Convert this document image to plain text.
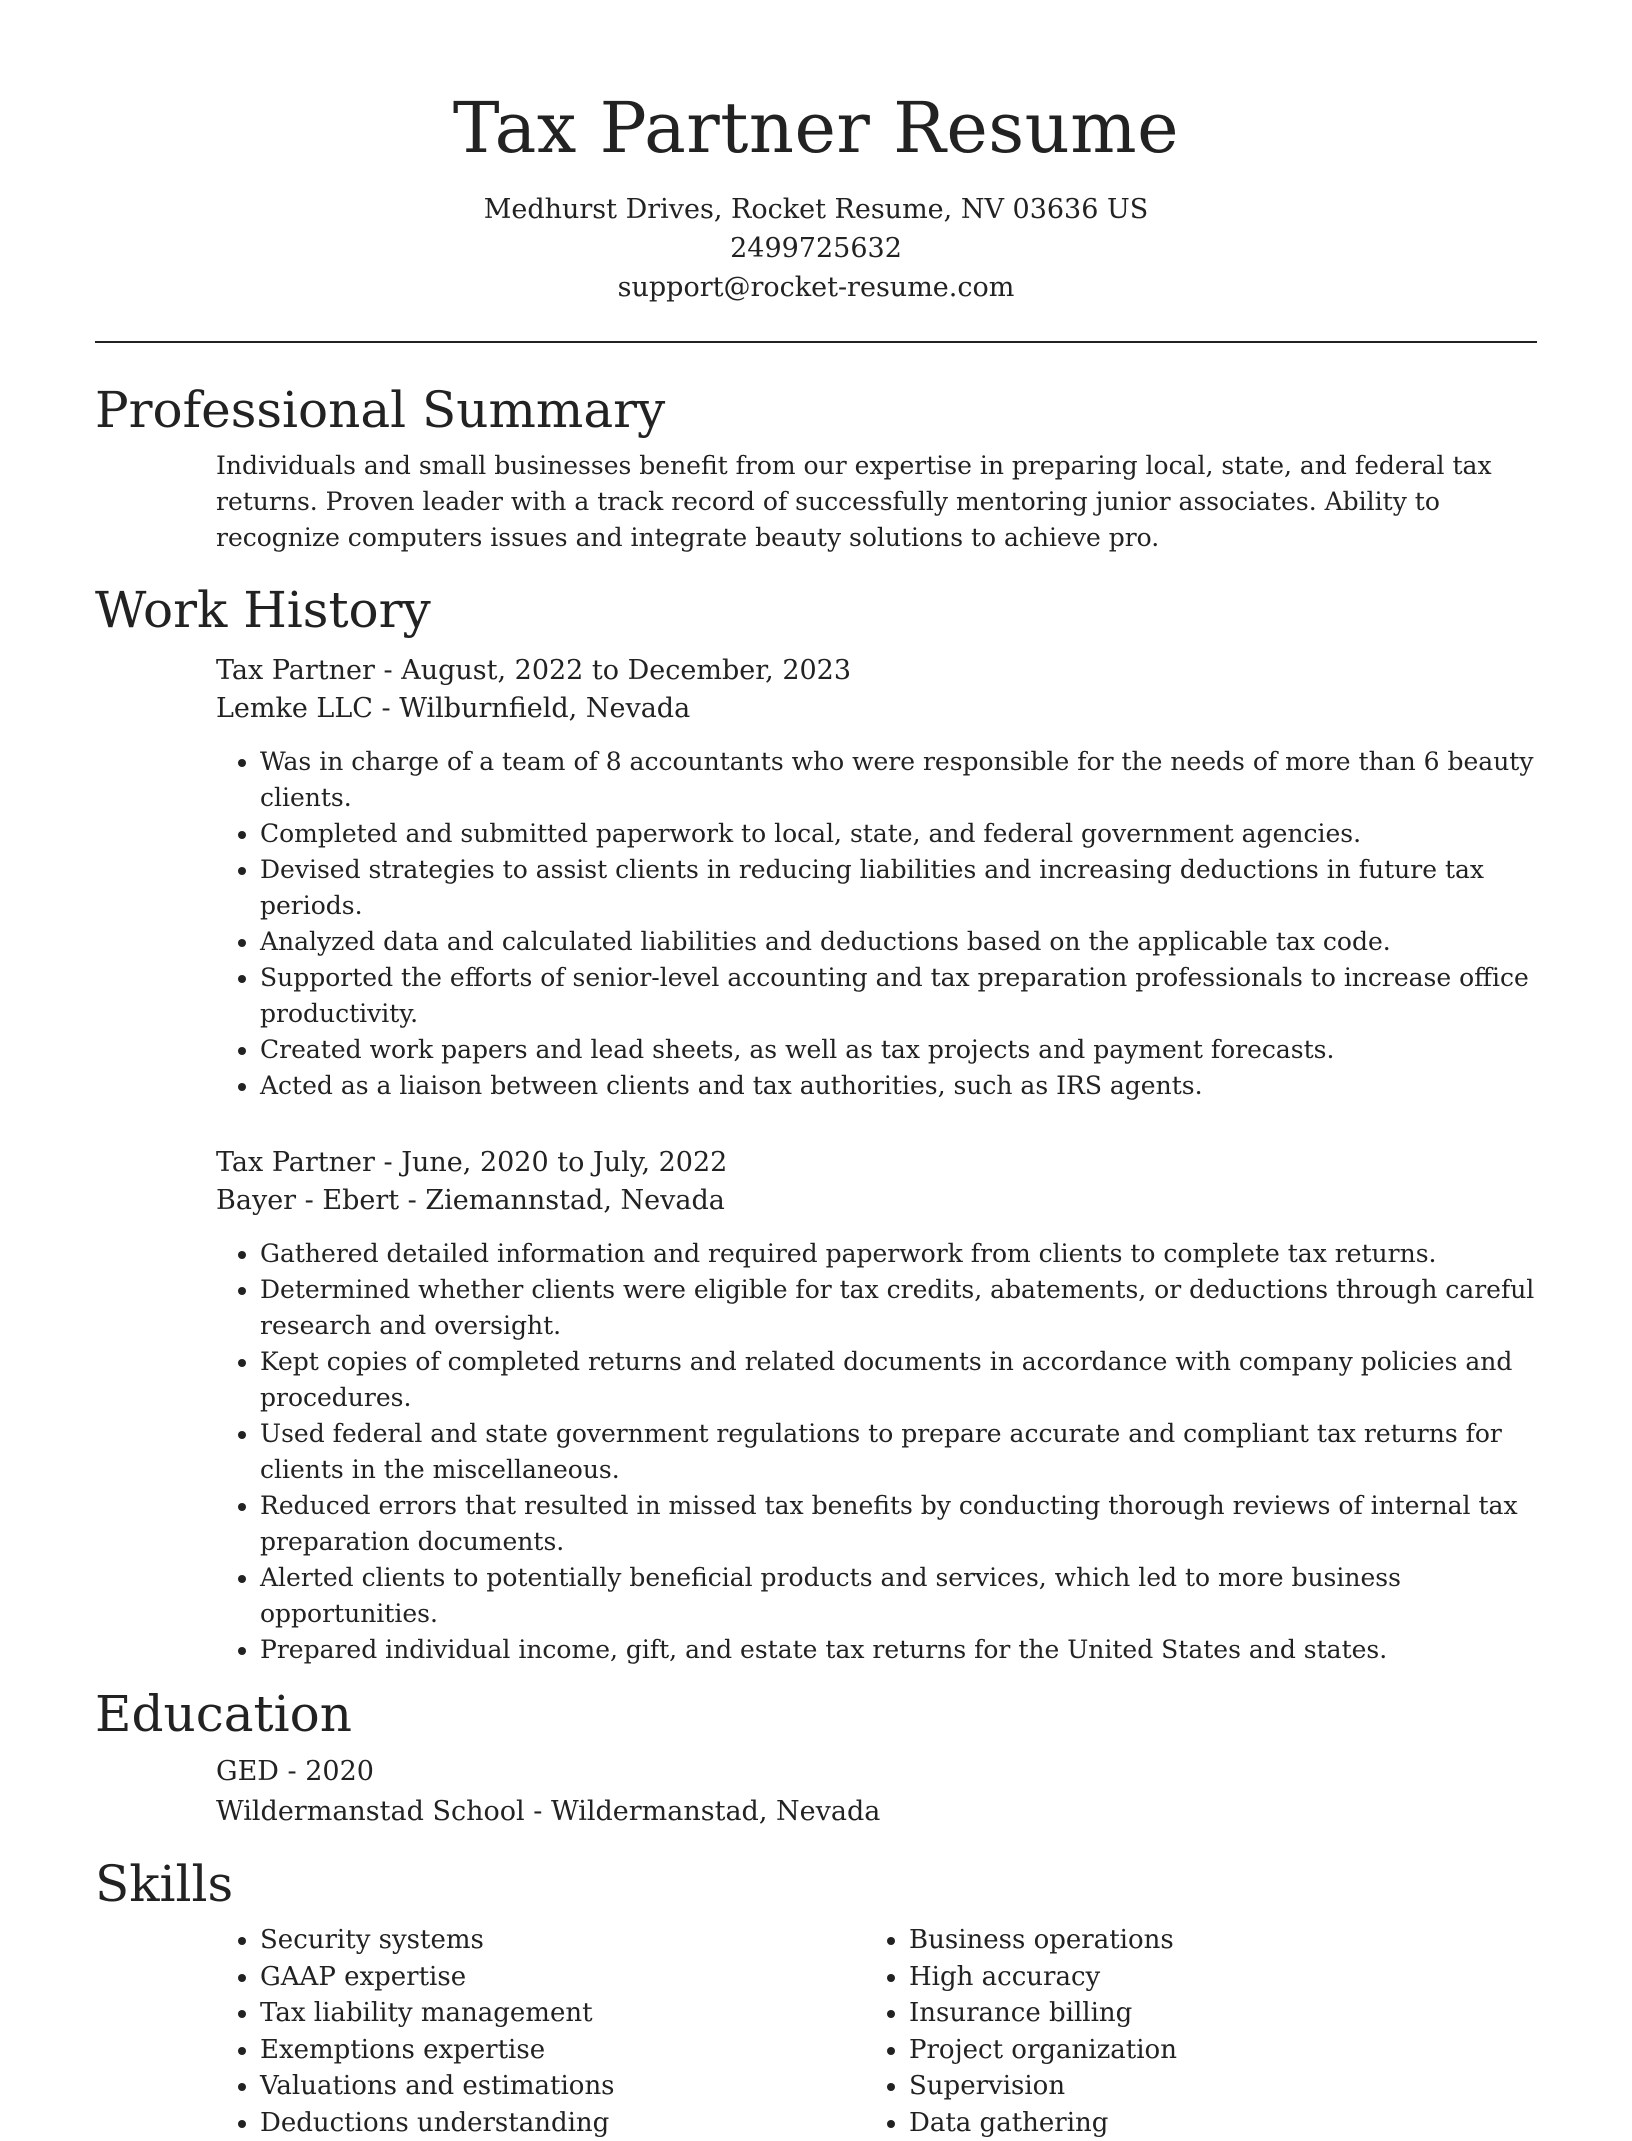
Tax Partner Resume
Medhurst Drives, Rocket Resume, NV 03636 US
2499725632
support@rocket-resume.com
Professional Summary

Individuals and small businesses benefit from our expertise in preparing local, state, and federal tax returns. Proven leader with a track record of successfully mentoring junior associates. Ability to recognize computers issues and integrate beauty solutions to achieve pro.

Work History
Tax Partner - August, 2022 to December, 2023
Lemke LLC - Wilburnfield, Nevada
• Was in charge of a team of 8 accountants who were responsible for the needs of more than 6 beauty clients.
• Completed and submitted paperwork to local, state, and federal government agencies.
• Devised strategies to assist clients in reducing liabilities and increasing deductions in future tax periods.
• Analyzed data and calculated liabilities and deductions based on the applicable tax code.
• Supported the efforts of senior-level accounting and tax preparation professionals to increase office productivity.
• Created work papers and lead sheets, as well as tax projects and payment forecasts.
• Acted as a liaison between clients and tax authorities, such as IRS agents.
Tax Partner - June, 2020 to July, 2022
Bayer - Ebert - Ziemannstad, Nevada
• Gathered detailed information and required paperwork from clients to complete tax returns.
• Determined whether clients were eligible for tax credits, abatements, or deductions through careful research and oversight.
• Kept copies of completed returns and related documents in accordance with company policies and procedures.
• Used federal and state government regulations to prepare accurate and compliant tax returns for clients in the miscellaneous.
• Reduced errors that resulted in missed tax benefits by conducting thorough reviews of internal tax preparation documents.
• Alerted clients to potentially beneficial products and services, which led to more business opportunities.
• Prepared individual income, gift, and estate tax returns for the United States and states.
Education
GED - 2020
Wildermanstad School - Wildermanstad, Nevada
Skills
• Security systems
• GAAP expertise
• Tax liability management
• Exemptions expertise
• Valuations and estimations
• Deductions understanding
• Business operations
• High accuracy
• Insurance billing
• Project organization
• Supervision
• Data gathering
